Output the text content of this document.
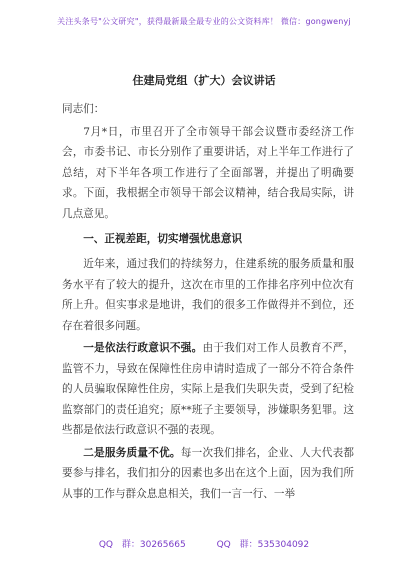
关注头条号"公文研究"，获得最新最全最专业的公文资料库！ 微信：gongwenyj
住建局党组（扩大）会议讲话

同志们：

7月*日，市里召开了全市领导干部会议暨市委经济工作会，市委书记、市长分别作了重要讲话，对上半年工作进行了总结，对下半年各项工作进行了全面部署，并提出了明确要求。下面，我根据全市领导干部会议精神，结合我局实际，讲几点意见。

一、正视差距，切实增强忧患意识

近年来，通过我们的持续努力，住建系统的服务质量和服务水平有了较大的提升，这次在市里的工作排名序列中位次有所上升。但实事求是地讲，我们的很多工作做得并不到位，还存在着很多问题。

一是依法行政意识不强。由于我们对工作人员教育不严，监管不力，导致在保障性住房申请时造成了一部分不符合条件的人员骗取保障性住房，实际上是我们失职失责，受到了纪检监察部门的责任追究；原**班子主要领导，涉嫌职务犯罪。这些都是依法行政意识不强的表现。

二是服务质量不优。每一次我们排名，企业、人大代表都要参与排名，我们扣分的因素也多出在这个上面，因为我们所从事的工作与群众息息相关，我们一言一行、一举

QQ 群：30265665	QQ 群：535304092
